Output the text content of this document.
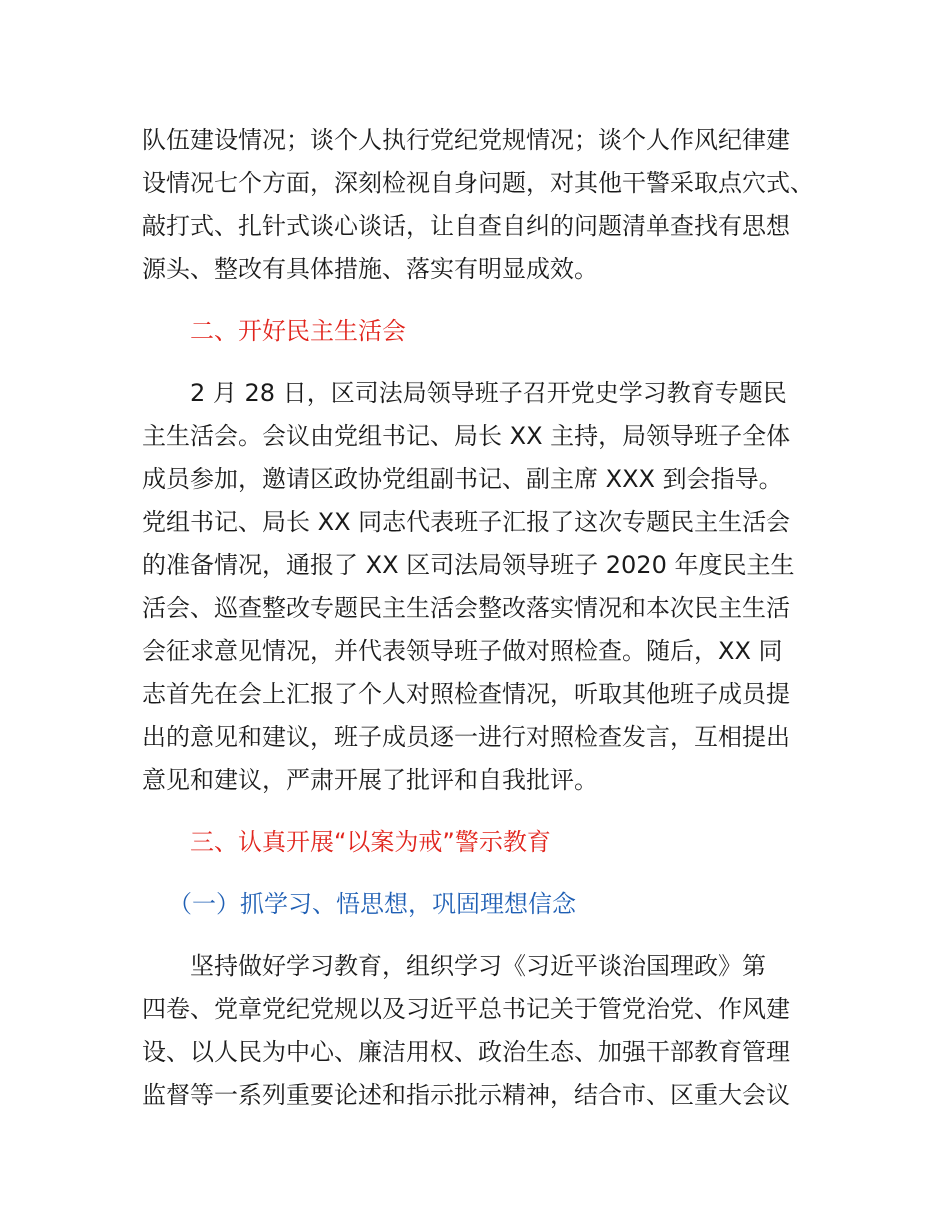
队伍建设情况；谈个人执行党纪党规情况；谈个人作风纪律建
设情况七个方面，深刻检视自身问题，对其他干警采取点穴式、
敲打式、扎针式谈心谈话，让自查自纠的问题清单查找有思想
源头、整改有具体措施、落实有明显成效。
二、开好民主生活会
2 月 28 日，区司法局领导班子召开党史学习教育专题民
主生活会。会议由党组书记、局长 XX 主持，局领导班子全体
成员参加，邀请区政协党组副书记、副主席 XXX 到会指导。
党组书记、局长 XX 同志代表班子汇报了这次专题民主生活会
的准备情况，通报了 XX 区司法局领导班子 2020 年度民主生
活会、巡查整改专题民主生活会整改落实情况和本次民主生活
会征求意见情况，并代表领导班子做对照检查。随后，XX 同
志首先在会上汇报了个人对照检查情况，听取其他班子成员提
出的意见和建议，班子成员逐一进行对照检查发言，互相提出
意见和建议，严肃开展了批评和自我批评。
三、认真开展“以案为戒”警示教育
（一）抓学习、悟思想，巩固理想信念
坚持做好学习教育，组织学习《习近平谈治国理政》第
四卷、党章党纪党规以及习近平总书记关于管党治党、作风建
设、以人民为中心、廉洁用权、政治生态、加强干部教育管理
监督等一系列重要论述和指示批示精神，结合市、区重大会议
